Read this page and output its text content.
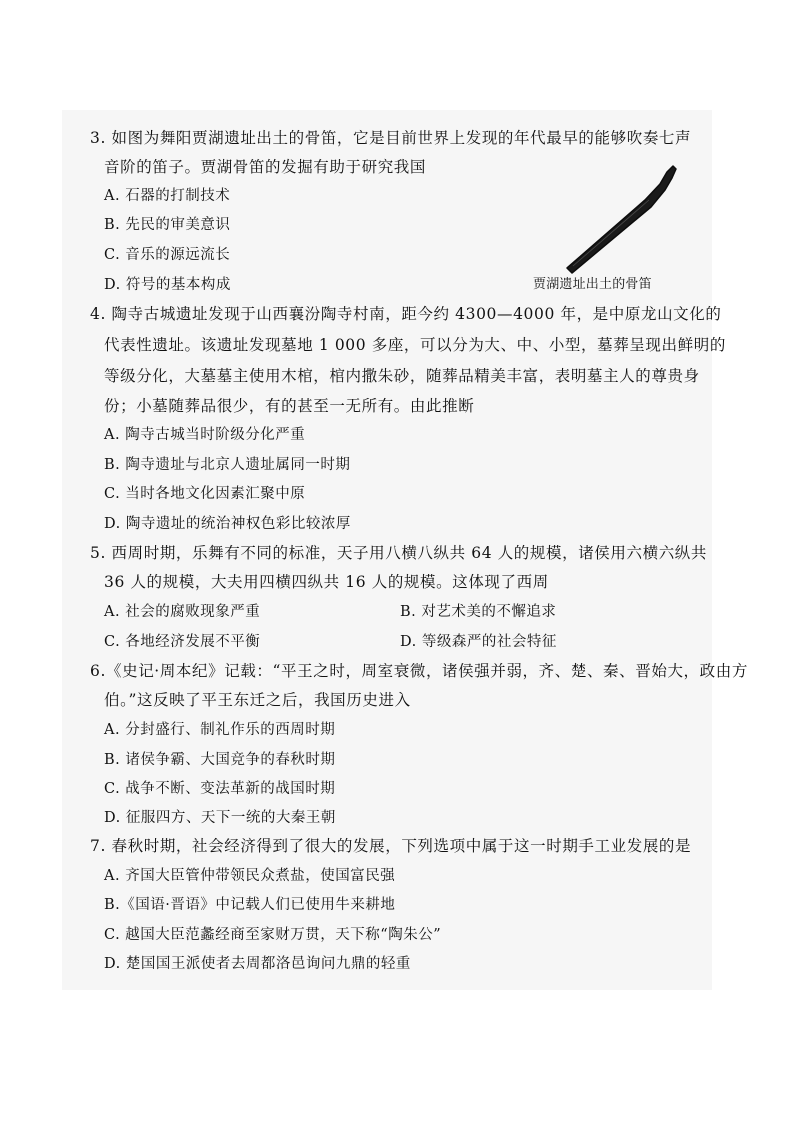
3. 如图为舞阳贾湖遗址出土的骨笛，它是目前世界上发现的年代最早的能够吹奏七声
音阶的笛子。贾湖骨笛的发掘有助于研究我国
A. 石器的打制技术
B. 先民的审美意识
C. 音乐的源远流长
D. 符号的基本构成	贾湖遗址出土的骨笛
4. 陶寺古城遗址发现于山西襄汾陶寺村南，距今约 4300—4000 年，是中原龙山文化的
代表性遗址。该遗址发现墓地 1 000 多座，可以分为大、中、小型，墓葬呈现出鲜明的
等级分化，大墓墓主使用木棺，棺内撒朱砂，随葬品精美丰富，表明墓主人的尊贵身
份；小墓随葬品很少，有的甚至一无所有。由此推断
A. 陶寺古城当时阶级分化严重
B. 陶寺遗址与北京人遗址属同一时期
C. 当时各地文化因素汇聚中原
D. 陶寺遗址的统治神权色彩比较浓厚
5. 西周时期，乐舞有不同的标准，天子用八横八纵共 64 人的规模，诸侯用六横六纵共
36 人的规模，大夫用四横四纵共 16 人的规模。这体现了西周
A. 社会的腐败现象严重	B. 对艺术美的不懈追求
C. 各地经济发展不平衡	D. 等级森严的社会特征
6.《史记·周本纪》记载：“平王之时，周室衰微，诸侯强并弱，齐、楚、秦、晋始大，政由方
伯。”这反映了平王东迁之后，我国历史进入
A. 分封盛行、制礼作乐的西周时期
B. 诸侯争霸、大国竞争的春秋时期
C. 战争不断、变法革新的战国时期
D. 征服四方、天下一统的大秦王朝
7. 春秋时期，社会经济得到了很大的发展，下列选项中属于这一时期手工业发展的是
A. 齐国大臣管仲带领民众煮盐，使国富民强
B.《国语·晋语》中记载人们已使用牛来耕地
C. 越国大臣范蠡经商至家财万贯，天下称“陶朱公”
D. 楚国国王派使者去周都洛邑询问九鼎的轻重
